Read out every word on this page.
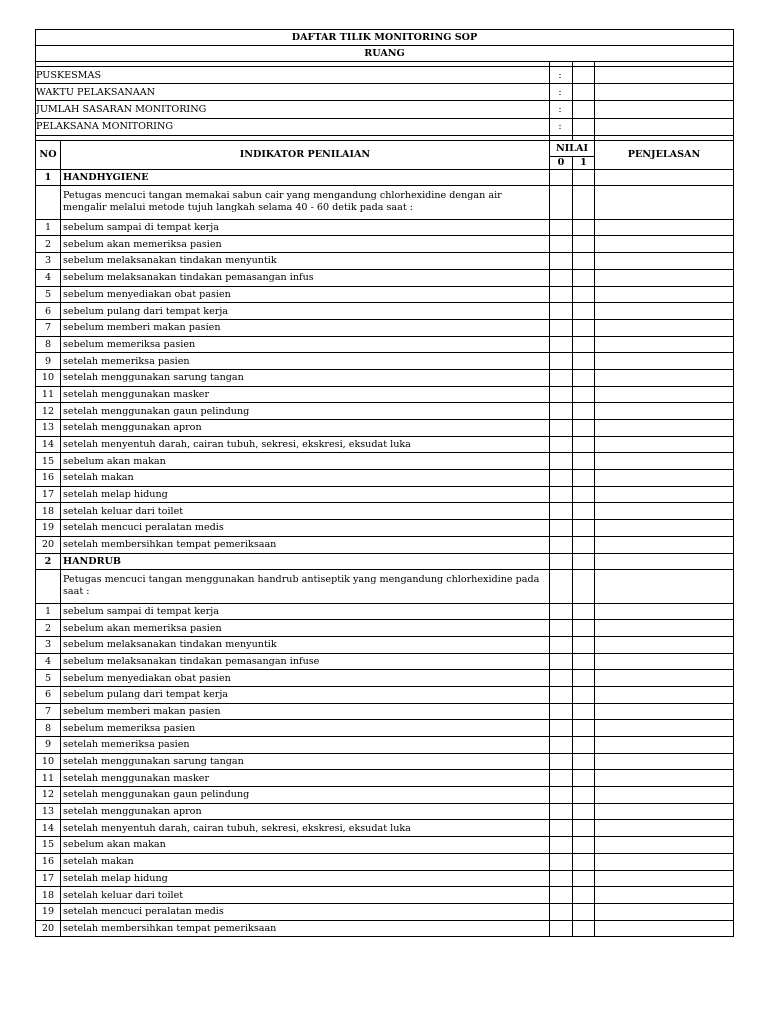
DAFTAR TILIK MONITORING SOP				
RUANG				

PUSKESMAS		:		
WAKTU PELAKSANAAN		:		
JUMLAH SASARAN MONITORING		:		
PELAKSANA MONITORING		:		

NO	INDIKATOR PENILAIAN	NILAI		PENJELASAN
		0	1	
1	HANDHYGIENE			
	Petugas mencuci tangan memakai sabun cair yang mengandung chlorhexidine dengan air mengalir melalui metode tujuh langkah selama 40 - 60 detik pada saat :			
1	sebelum sampai di tempat kerja			
2	sebelum akan memeriksa pasien			
3	sebelum melaksanakan tindakan menyuntik			
4	sebelum melaksanakan tindakan pemasangan infus			
5	sebelum menyediakan obat pasien			
6	sebelum pulang dari tempat kerja			
7	sebelum memberi makan pasien			
8	sebelum memeriksa pasien			
9	setelah memeriksa pasien			
10	setelah menggunakan sarung tangan			
11	setelah menggunakan masker			
12	setelah menggunakan gaun pelindung			
13	setelah menggunakan apron			
14	setelah menyentuh darah, cairan tubuh, sekresi, ekskresi, eksudat luka			
15	sebelum akan makan			
16	setelah makan			
17	setelah melap hidung			
18	setelah keluar dari toilet			
19	setelah mencuci peralatan medis			
20	setelah membersihkan tempat pemeriksaan			
2	HANDRUB			
	Petugas mencuci tangan menggunakan handrub antiseptik yang mengandung chlorhexidine pada saat :			
1	sebelum sampai di tempat kerja			
2	sebelum akan memeriksa pasien			
3	sebelum melaksanakan tindakan menyuntik			
4	sebelum melaksanakan tindakan pemasangan infuse			
5	sebelum menyediakan obat pasien			
6	sebelum pulang dari tempat kerja			
7	sebelum memberi makan pasien			
8	sebelum memeriksa pasien			
9	setelah memeriksa pasien			
10	setelah menggunakan sarung tangan			
11	setelah menggunakan masker			
12	setelah menggunakan gaun pelindung			
13	setelah menggunakan apron			
14	setelah menyentuh darah, cairan tubuh, sekresi, ekskresi, eksudat luka			
15	sebelum akan makan			
16	setelah makan			
17	setelah melap hidung			
18	setelah keluar dari toilet			
19	setelah mencuci peralatan medis			
20	setelah membersihkan tempat pemeriksaan			
